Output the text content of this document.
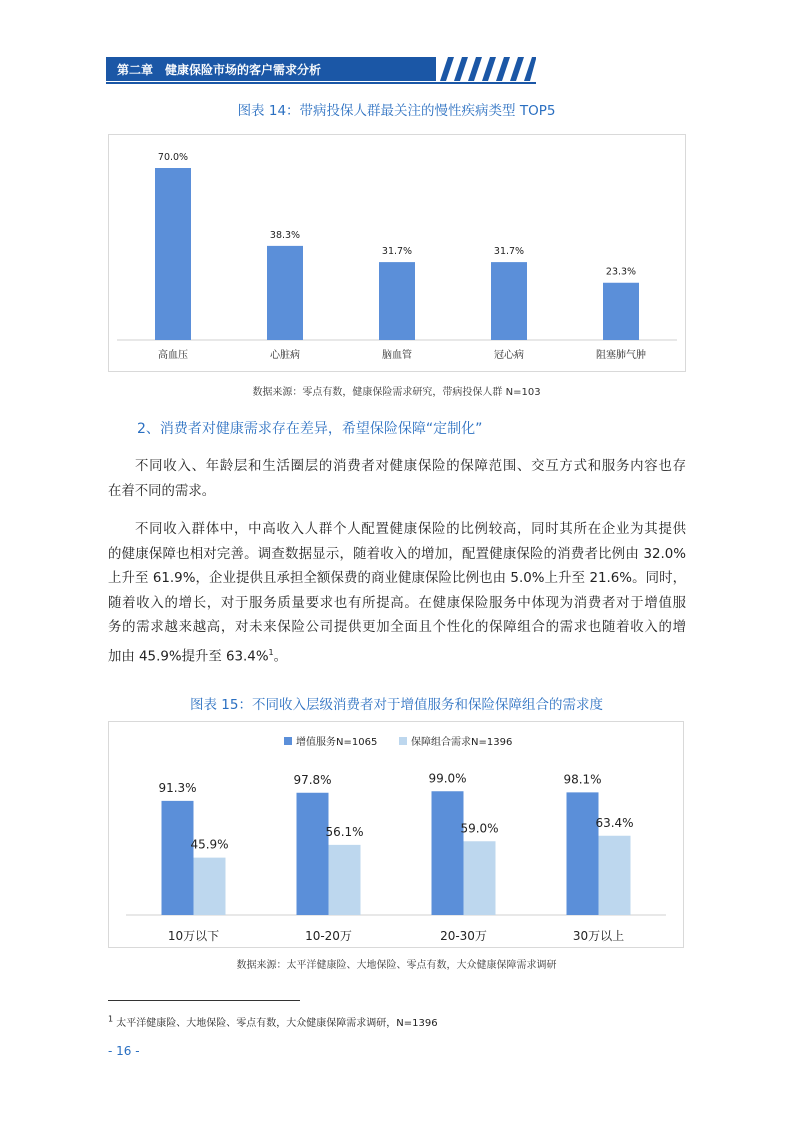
第二章　健康保险市场的客户需求分析
图表 14：带病投保人群最关注的慢性疾病类型 TOP5
70.0%
高血压
38.3%
心脏病
31.7%
脑血管
31.7%
冠心病
23.3%
阻塞肺气肿
数据来源：零点有数，健康保险需求研究，带病投保人群 N=103
2、消费者对健康需求存在差异，希望保险保障“定制化”
不同收入、年龄层和生活圈层的消费者对健康保险的保障范围、交互方式和服务内容也存
在着不同的需求。
不同收入群体中，中高收入人群个人配置健康保险的比例较高，同时其所在企业为其提供
的健康保障也相对完善。调查数据显示，随着收入的增加，配置健康保险的消费者比例由 32.0%
上升至 61.9%，企业提供且承担全额保费的商业健康保险比例也由 5.0%上升至 21.6%。同时，
随着收入的增长，对于服务质量要求也有所提高。在健康保险服务中体现为消费者对于增值服
务的需求越来越高，对未来保险公司提供更加全面且个性化的保障组合的需求也随着收入的增
加由 45.9%提升至 63.4%$^1$。
图表 15：不同收入层级消费者对于增值服务和保险保障组合的需求度
增值服务N=1065	保障组合需求N=1396
91.3%
45.9%
10万以下
97.8%
56.1%
10-20万
99.0%
59.0%
20-30万
98.1%
63.4%
30万以上
数据来源：太平洋健康险、大地保险、零点有数，大众健康保障需求调研
$^1$ 太平洋健康险、大地保险、零点有数，大众健康保障需求调研，N=1396
- 16 -
